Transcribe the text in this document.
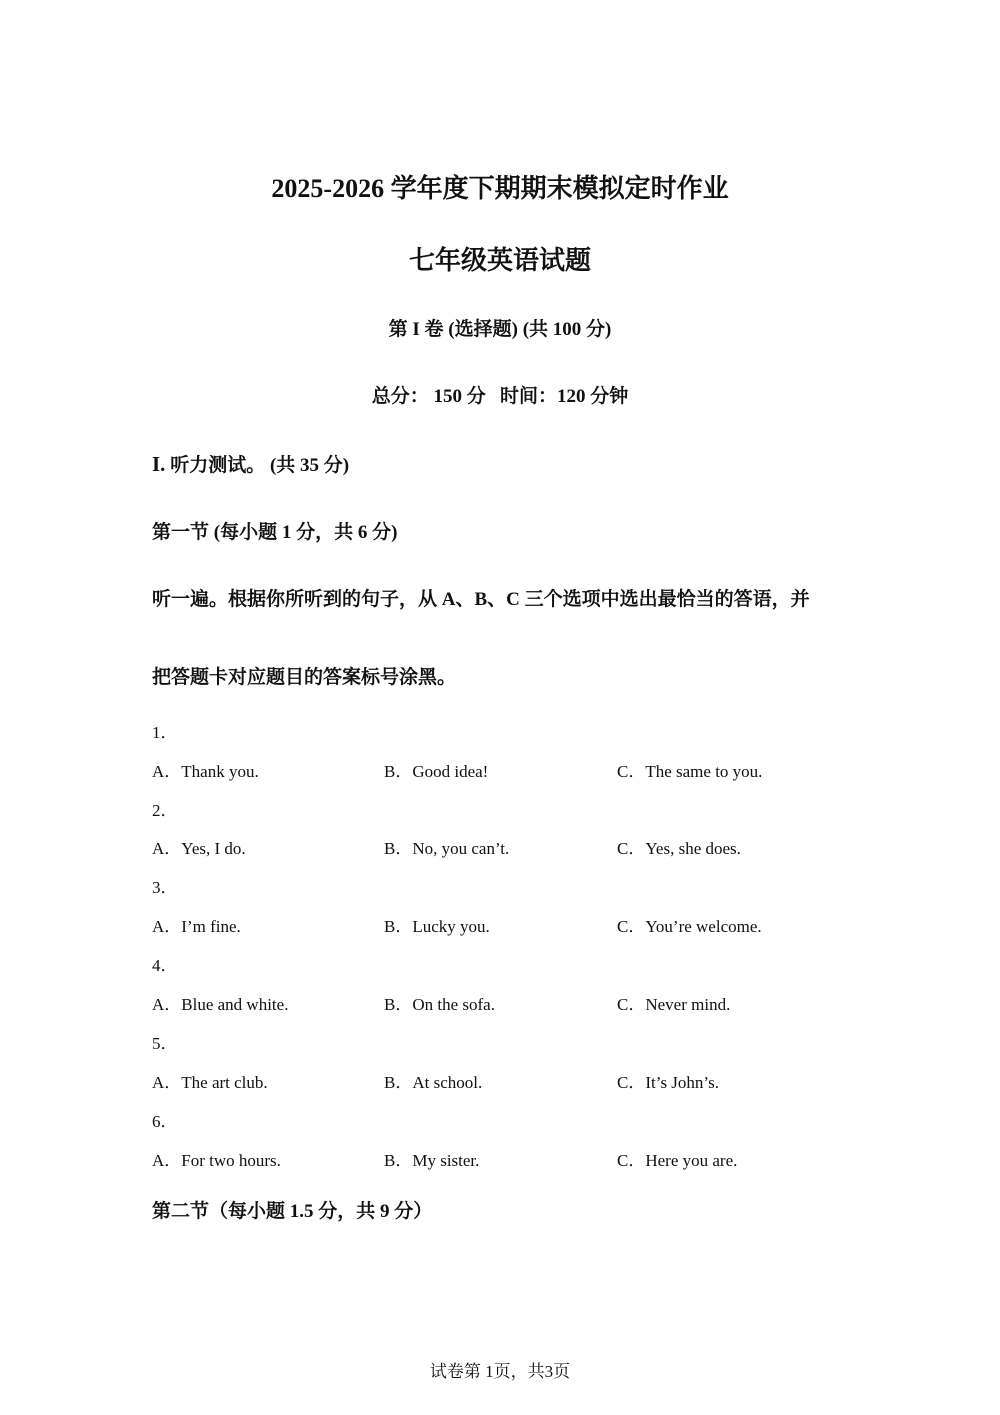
2025-2026 学年度下期期末模拟定时作业
七年级英语试题
第 I 卷 (选择题) (共 100 分)
总分： 150 分   时间：120 分钟
I. 听力测试。 (共 35 分)
第一节 (每小题 1 分，共 6 分)
听一遍。根据你所听到的句子，从 A、B、C 三个选项中选出最恰当的答语，并
把答题卡对应题目的答案标号涂黑。
1．
A．Thank you.	B．Good idea!	C．The same to you.
2．
A．Yes, I do.	B．No, you can’t.	C．Yes, she does.
3．
A．I’m fine.	B．Lucky you.	C．You’re welcome.
4．
A．Blue and white.	B．On the sofa.	C．Never mind.
5．
A．The art club.	B．At school.	C．It’s John’s.
6．
A．For two hours.	B．My sister.	C．Here you are.
第二节（每小题 1.5 分，共 9 分）
试卷第 1页，共3页
